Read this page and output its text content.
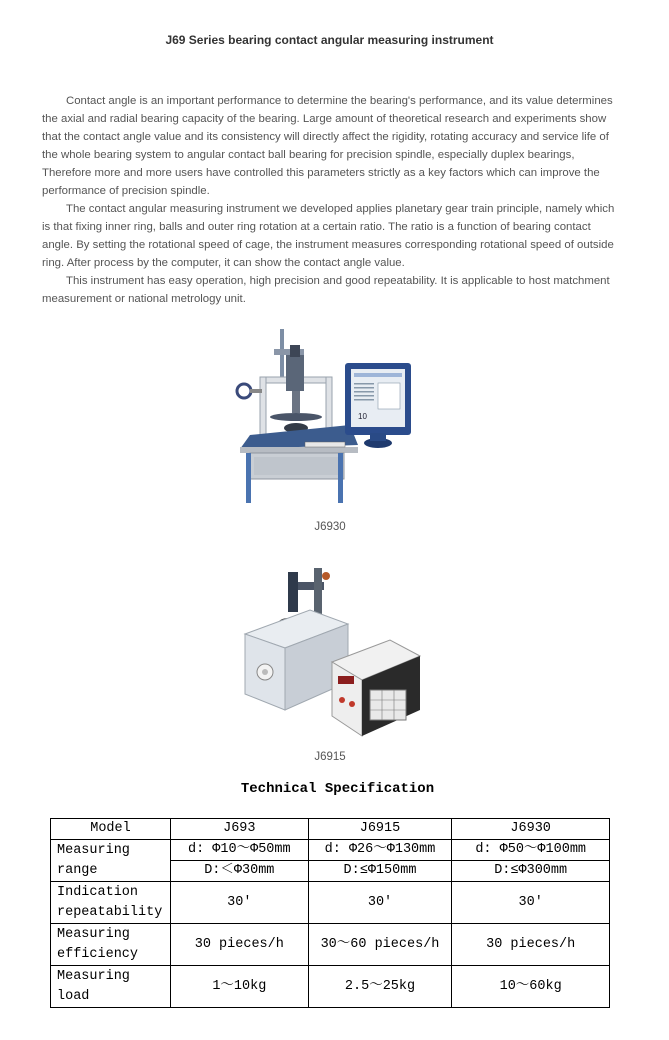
J69 Series bearing contact angular measuring instrument

Contact angle is an important performance to determine the bearing's performance, and its value determines the axial and radial bearing capacity of the bearing. Large amount of theoretical research and experiments show that the contact angle value and its consistency will directly affect the rigidity, rotating accuracy and service life of the whole bearing system to angular contact ball bearing for precision spindle, especially duplex bearings, Therefore more and more users have controlled this parameters strictly as a key factors which can improve the performance of precision spindle.

The contact angular measuring instrument we developed applies planetary gear train principle, namely which is that fixing inner ring, balls and outer ring rotation at a certain ratio. The ratio is a function of bearing contact angle. By setting the rotational speed of cage, the instrument measures corresponding rotational speed of outside ring. After process by the computer, it can show the contact angle value.

This instrument has easy operation, high precision and good repeatability. It is applicable to host matchment measurement or national metrology unit.

10
J6930
J6915
Technical Specification
Model	J693	J6915	J6930
Measuring range	d: Φ10～Φ50mm	d: Φ26～Φ130mm	d: Φ50～Φ100mm
	D:＜Φ30mm	D:≤Φ150mm	D:≤Φ300mm
Indication repeatability	30′	30′	30′
Measuring efficiency	30 pieces/h	30～60 pieces/h	30 pieces/h
Measuring load	1～10kg	2.5～25kg	10～60kg
